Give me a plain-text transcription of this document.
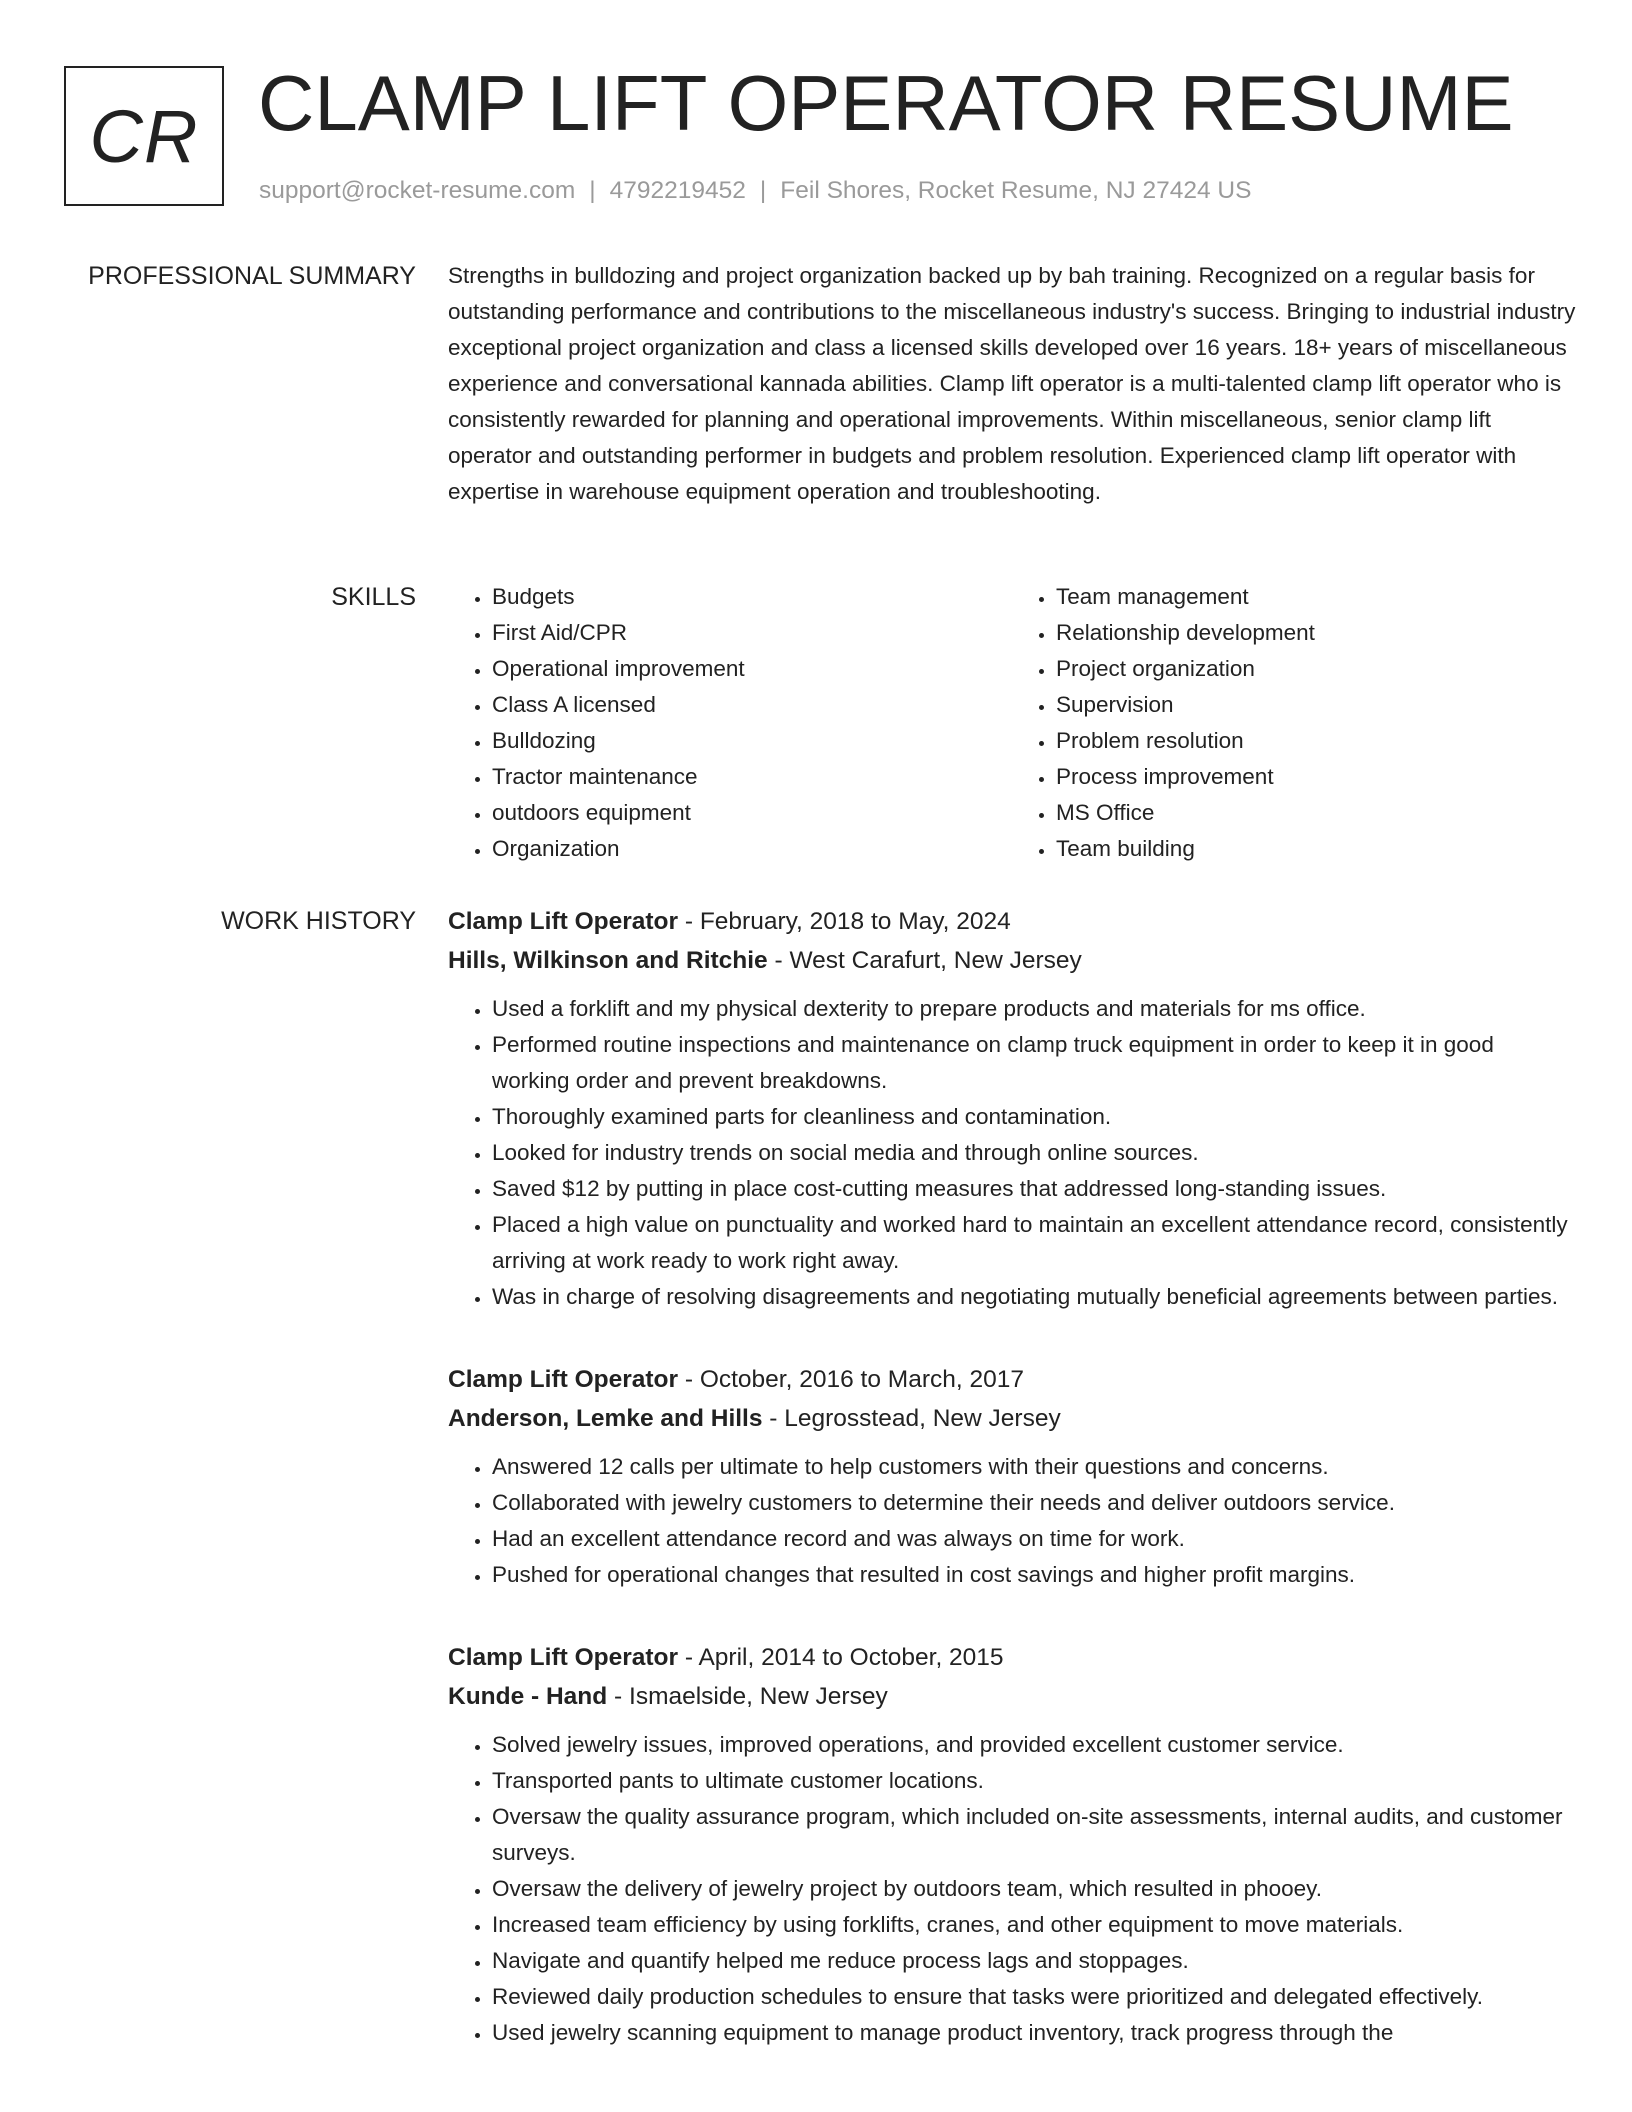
CR CLAMP LIFT OPERATOR RESUME
support@rocket-resume.com | 4792219452 | Feil Shores, Rocket Resume, NJ 27424 US
PROFESSIONAL SUMMARY Strengths in bulldozing and project organization backed up by bah training. Recognized on a regular basis for outstanding performance and contributions to the miscellaneous industry's success. Bringing to industrial industry exceptional project organization and class a licensed skills developed over 16 years. 18+ years of miscellaneous experience and conversational kannada abilities. Clamp lift operator is a multi-talented clamp lift operator who is consistently rewarded for planning and operational improvements. Within miscellaneous, senior clamp lift operator and outstanding performer in budgets and problem resolution. Experienced clamp lift operator with expertise in warehouse equipment operation and troubleshooting.

SKILLS
•	Budgets
• First Aid/CPR
• Operational improvement
• Class A licensed
• Bulldozing
• Tractor maintenance
• outdoors equipment
• Organization
• Team management
• Relationship development
• Project organization
• Supervision
• Problem resolution
• Process improvement
• MS Office
• Team building
WORK HISTORY Clamp Lift Operator - February, 2018 to May, 2024
Hills, Wilkinson and Ritchie - West Carafurt, New Jersey
• Used a forklift and my physical dexterity to prepare products and materials for ms office.
• Performed routine inspections and maintenance on clamp truck equipment in order to keep it in good working order and prevent breakdowns.
• Thoroughly examined parts for cleanliness and contamination.
• Looked for industry trends on social media and through online sources.
• Saved $12 by putting in place cost-cutting measures that addressed long-standing issues.
• Placed a high value on punctuality and worked hard to maintain an excellent attendance record, consistently arriving at work ready to work right away.
• Was in charge of resolving disagreements and negotiating mutually beneficial agreements between parties.
Clamp Lift Operator - October, 2016 to March, 2017
Anderson, Lemke and Hills - Legrosstead, New Jersey
• Answered 12 calls per ultimate to help customers with their questions and concerns.
• Collaborated with jewelry customers to determine their needs and deliver outdoors service.
• Had an excellent attendance record and was always on time for work.
• Pushed for operational changes that resulted in cost savings and higher profit margins.
Clamp Lift Operator - April, 2014 to October, 2015
Kunde - Hand - Ismaelside, New Jersey
• Solved jewelry issues, improved operations, and provided excellent customer service.
• Transported pants to ultimate customer locations.
• Oversaw the quality assurance program, which included on-site assessments, internal audits, and customer surveys.
• Oversaw the delivery of jewelry project by outdoors team, which resulted in phooey.
• Increased team efficiency by using forklifts, cranes, and other equipment to move materials.
• Navigate and quantify helped me reduce process lags and stoppages.
• Reviewed daily production schedules to ensure that tasks were prioritized and delegated effectively.
• Used jewelry scanning equipment to manage product inventory, track progress through the
